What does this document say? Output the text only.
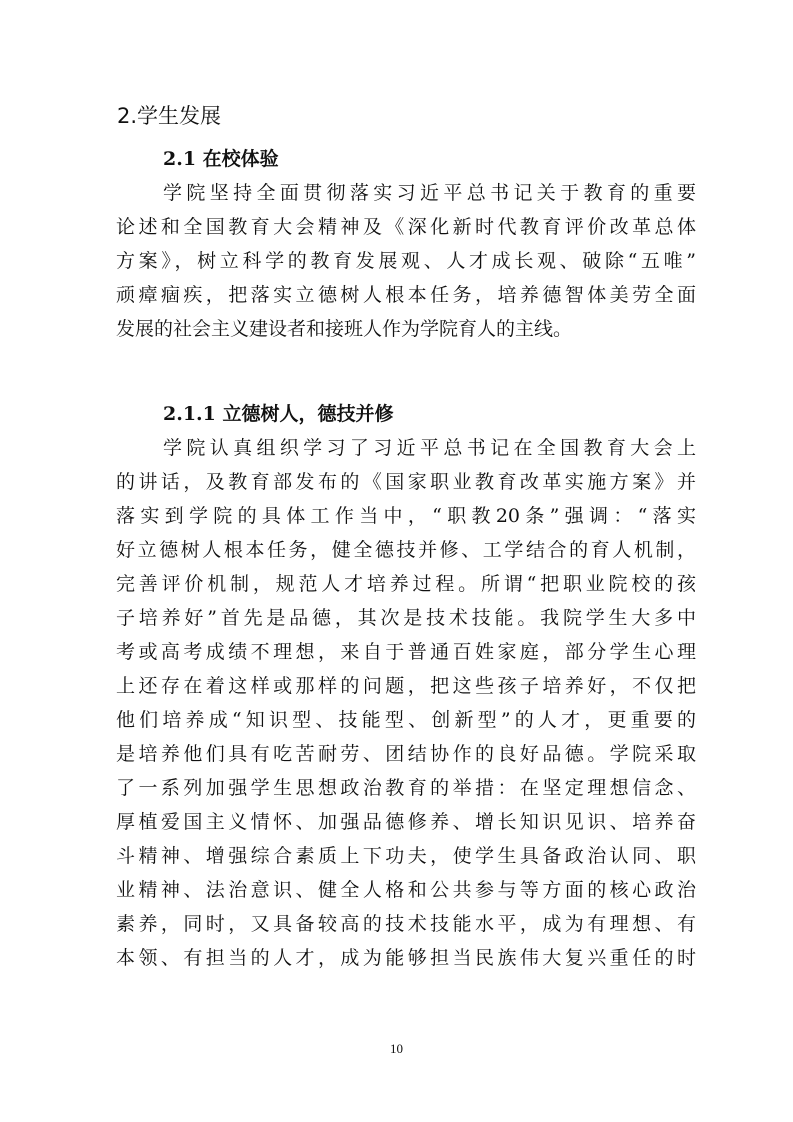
2.学生发展
2.1 在校体验
学院坚持全面贯彻落实习近平总书记关于教育的重要
论述和全国教育大会精神及《深化新时代教育评价改革总体
方案》，树立科学的教育发展观、人才成长观、破除“五唯”
顽瘴痼疾，把落实立德树人根本任务，培养德智体美劳全面
发展的社会主义建设者和接班人作为学院育人的主线。
2.1.1 立德树人，德技并修
学院认真组织学习了习近平总书记在全国教育大会上
的讲话，及教育部发布的《国家职业教育改革实施方案》并
落实到学院的具体工作当中，“职教20条”强调：“落实
好立德树人根本任务，健全德技并修、工学结合的育人机制，
完善评价机制，规范人才培养过程。所谓“把职业院校的孩
子培养好”首先是品德，其次是技术技能。我院学生大多中
考或高考成绩不理想，来自于普通百姓家庭，部分学生心理
上还存在着这样或那样的问题，把这些孩子培养好，不仅把
他们培养成“知识型、技能型、创新型”的人才，更重要的
是培养他们具有吃苦耐劳、团结协作的良好品德。学院采取
了一系列加强学生思想政治教育的举措：在坚定理想信念、
厚植爱国主义情怀、加强品德修养、增长知识见识、培养奋
斗精神、增强综合素质上下功夫，使学生具备政治认同、职
业精神、法治意识、健全人格和公共参与等方面的核心政治
素养，同时，又具备较高的技术技能水平，成为有理想、有
本领、有担当的人才，成为能够担当民族伟大复兴重任的时
10
